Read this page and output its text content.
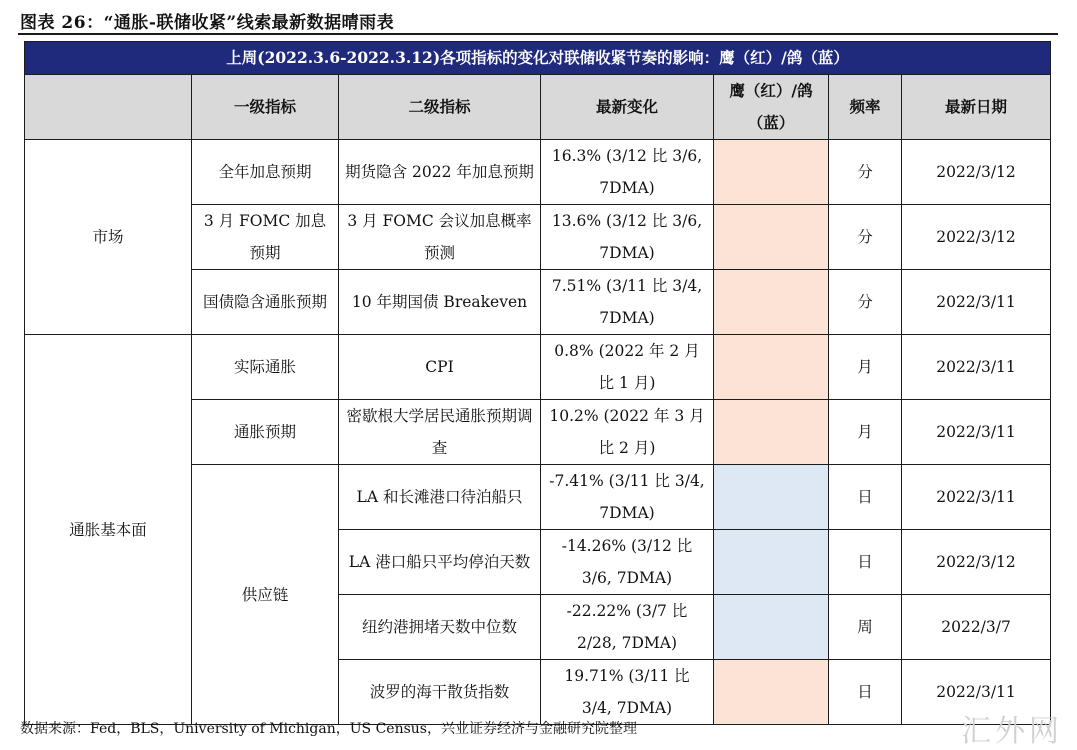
图表 26：“通胀-联储收紧”线索最新数据晴雨表
上周(2022.3.6-2022.3.12)各项指标的变化对联储收紧节奏的影响：鹰（红）/鸽（蓝）						
	一级指标	二级指标	最新变化	鹰（红）/鸽（蓝）	频率	最新日期
市场	全年加息预期	期货隐含 2022 年加息预期	16.3% (3/12 比 3/6, 7DMA)		分	2022/3/12
	3 月 FOMC 加息预期	3 月 FOMC 会议加息概率预测	13.6% (3/12 比 3/6, 7DMA)		分	2022/3/12
	国债隐含通胀预期	10 年期国债 Breakeven	7.51% (3/11 比 3/4, 7DMA)		分	2022/3/11
通胀基本面	实际通胀	CPI	0.8% (2022 年 2 月比 1 月)		月	2022/3/11
	通胀预期	密歇根大学居民通胀预期调查	10.2% (2022 年 3 月比 2 月)		月	2022/3/11
	供应链	LA 和长滩港口待泊船只	-7.41% (3/11 比 3/4, 7DMA)		日	2022/3/11
		LA 港口船只平均停泊天数	-14.26% (3/12 比 3/6, 7DMA)		日	2022/3/12
		纽约港拥堵天数中位数	-22.22% (3/7 比 2/28, 7DMA)		周	2022/3/7
		波罗的海干散货指数	19.71% (3/11 比 3/4, 7DMA)		日	2022/3/11
数据来源：Fed，BLS，University of Michigan，US Census，兴业证券经济与金融研究院整理	汇外网
